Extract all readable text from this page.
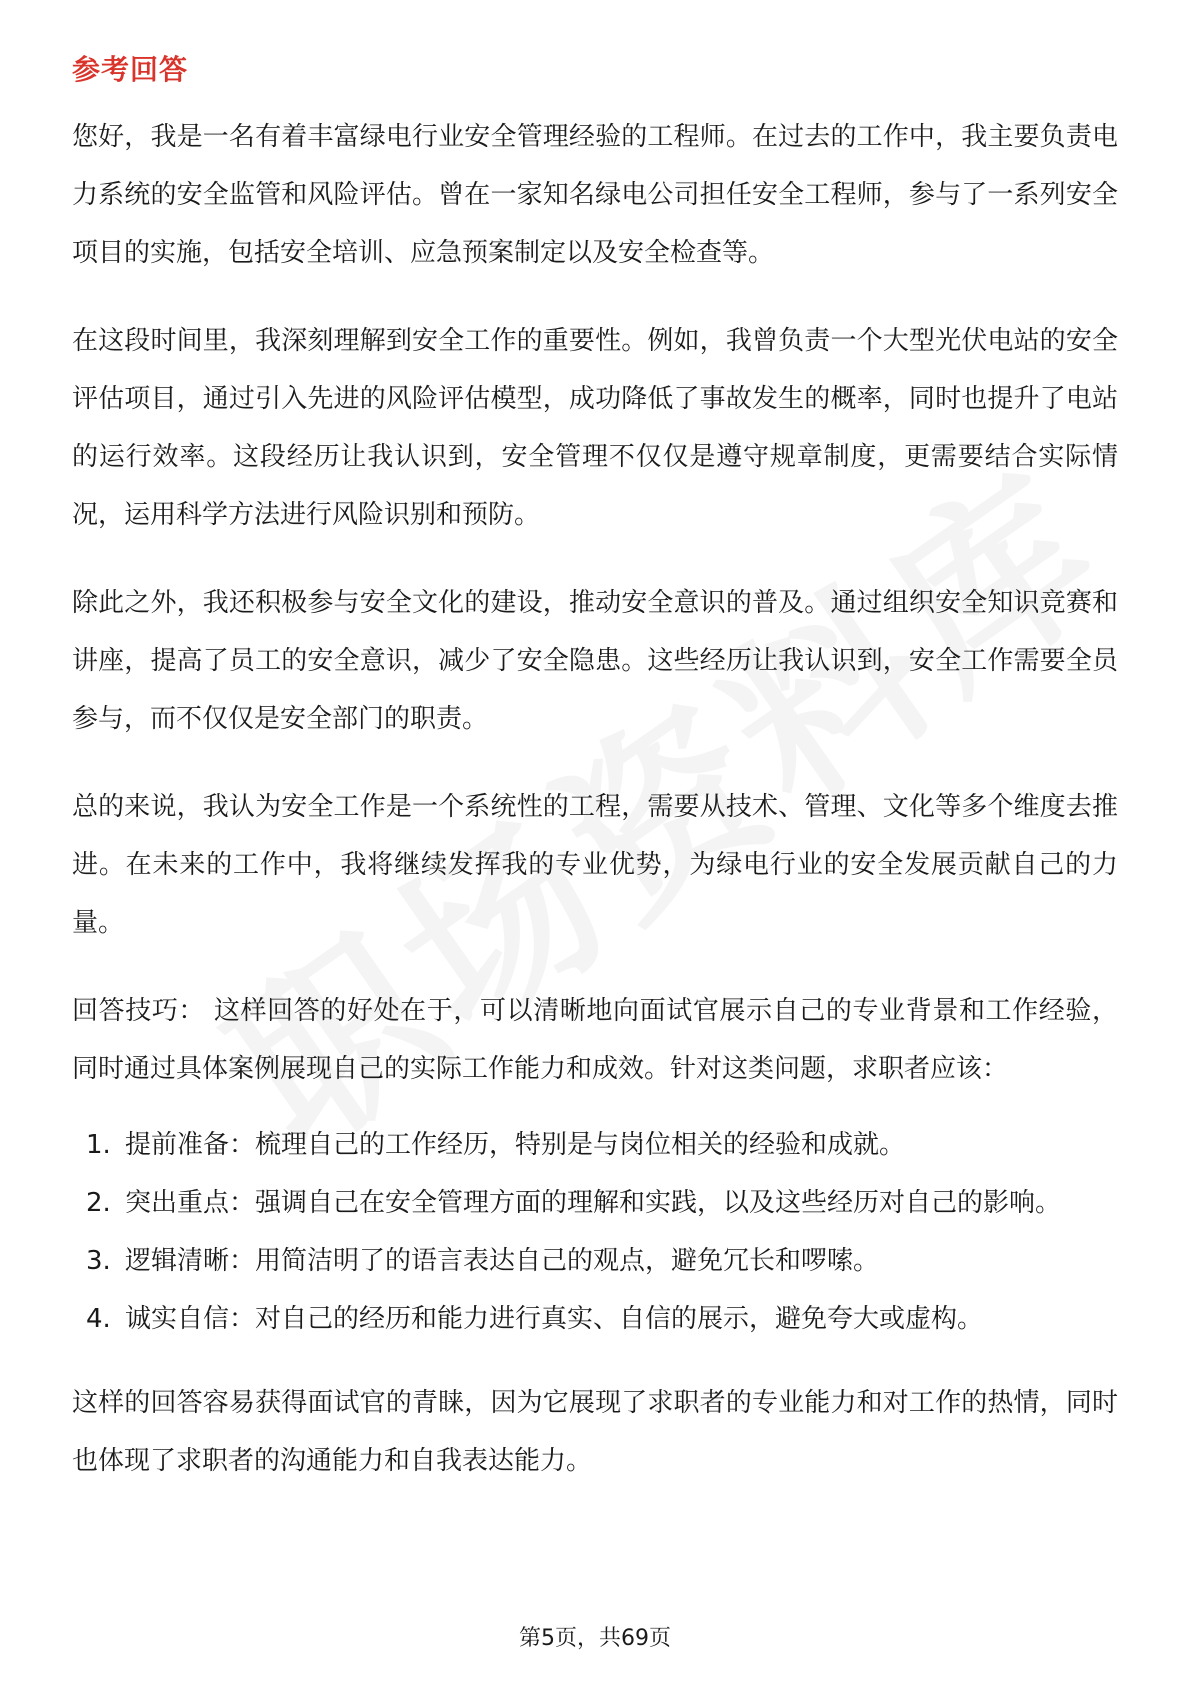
参考回答

您好，我是一名有着丰富绿电行业安全管理经验的工程师。在过去的工作中，我主要负责电力系统的安全监管和风险评估。曾在一家知名绿电公司担任安全工程师，参与了一系列安全项目的实施，包括安全培训、应急预案制定以及安全检查等。

在这段时间里，我深刻理解到安全工作的重要性。例如，我曾负责一个大型光伏电站的安全评估项目，通过引入先进的风险评估模型，成功降低了事故发生的概率，同时也提升了电站的运行效率。这段经历让我认识到，安全管理不仅仅是遵守规章制度，更需要结合实际情况，运用科学方法进行风险识别和预防。

除此之外，我还积极参与安全文化的建设，推动安全意识的普及。通过组织安全知识竞赛和讲座，提高了员工的安全意识，减少了安全隐患。这些经历让我认识到，安全工作需要全员参与，而不仅仅是安全部门的职责。

总的来说，我认为安全工作是一个系统性的工程，需要从技术、管理、文化等多个维度去推进。在未来的工作中，我将继续发挥我的专业优势，为绿电行业的安全发展贡献自己的力量。

回答技巧： 这样回答的好处在于，可以清晰地向面试官展示自己的专业背景和工作经验，同时通过具体案例展现自己的实际工作能力和成效。针对这类问题，求职者应该：

1. 提前准备：梳理自己的工作经历，特别是与岗位相关的经验和成就。
2. 突出重点：强调自己在安全管理方面的理解和实践，以及这些经历对自己的影响。
3. 逻辑清晰：用简洁明了的语言表达自己的观点，避免冗长和啰嗦。
4. 诚实自信：对自己的经历和能力进行真实、自信的展示，避免夸大或虚构。

这样的回答容易获得面试官的青睐，因为它展现了求职者的专业能力和对工作的热情，同时也体现了求职者的沟通能力和自我表达能力。

第5页，共69页
